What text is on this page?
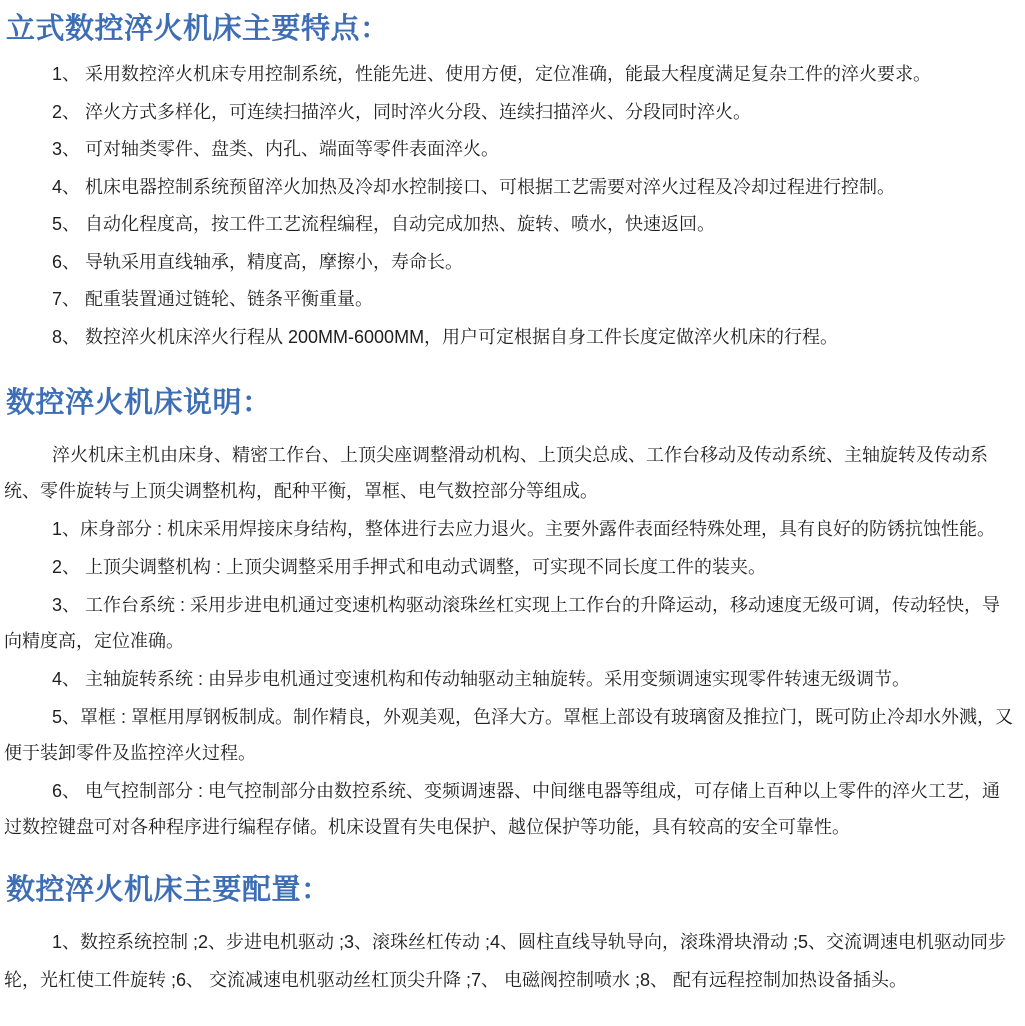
立式数控淬火机床主要特点：

1、 采用数控淬火机床专用控制系统，性能先进、使用方便，定位准确，能最大程度满足复杂工件的淬火要求。

2、 淬火方式多样化，可连续扫描淬火，同时淬火分段、连续扫描淬火、分段同时淬火。

3、 可对轴类零件、盘类、内孔、端面等零件表面淬火。

4、 机床电器控制系统预留淬火加热及冷却水控制接口、可根据工艺需要对淬火过程及冷却过程进行控制。

5、 自动化程度高，按工件工艺流程编程，自动完成加热、旋转、喷水，快速返回。

6、 导轨采用直线轴承，精度高，摩擦小，寿命长。

7、 配重装置通过链轮、链条平衡重量。

8、 数控淬火机床淬火行程从 200MM-6000MM，用户可定根据自身工件长度定做淬火机床的行程。

数控淬火机床说明：

淬火机床主机由床身、精密工作台、上顶尖座调整滑动机构、上顶尖总成、工作台移动及传动系统、主轴旋转及传动系统、零件旋转与上顶尖调整机构，配种平衡，罩框、电气数控部分等组成。

1、床身部分 : 机床采用焊接床身结构，整体进行去应力退火。主要外露件表面经特殊处理，具有良好的防锈抗蚀性能。

2、 上顶尖调整机构 : 上顶尖调整采用手押式和电动式调整，可实现不同长度工件的装夹。

3、 工作台系统 : 采用步进电机通过变速机构驱动滚珠丝杠实现上工作台的升降运动，移动速度无级可调，传动轻快，导向精度高，定位准确。

4、 主轴旋转系统 : 由异步电机通过变速机构和传动轴驱动主轴旋转。采用变频调速实现零件转速无级调节。

5、罩框 : 罩框用厚钢板制成。制作精良，外观美观，色泽大方。罩框上部设有玻璃窗及推拉门，既可防止冷却水外溅，又便于装卸零件及监控淬火过程。

6、 电气控制部分 : 电气控制部分由数控系统、变频调速器、中间继电器等组成，可存储上百种以上零件的淬火工艺，通过数控键盘可对各种程序进行编程存储。机床设置有失电保护、越位保护等功能，具有较高的安全可靠性。

数控淬火机床主要配置：

1、数控系统控制 ;2、步进电机驱动 ;3、滚珠丝杠传动 ;4、圆柱直线导轨导向，滚珠滑块滑动 ;5、交流调速电机驱动同步轮，光杠使工件旋转 ;6、 交流减速电机驱动丝杠顶尖升降 ;7、 电磁阀控制喷水 ;8、 配有远程控制加热设备插头。
